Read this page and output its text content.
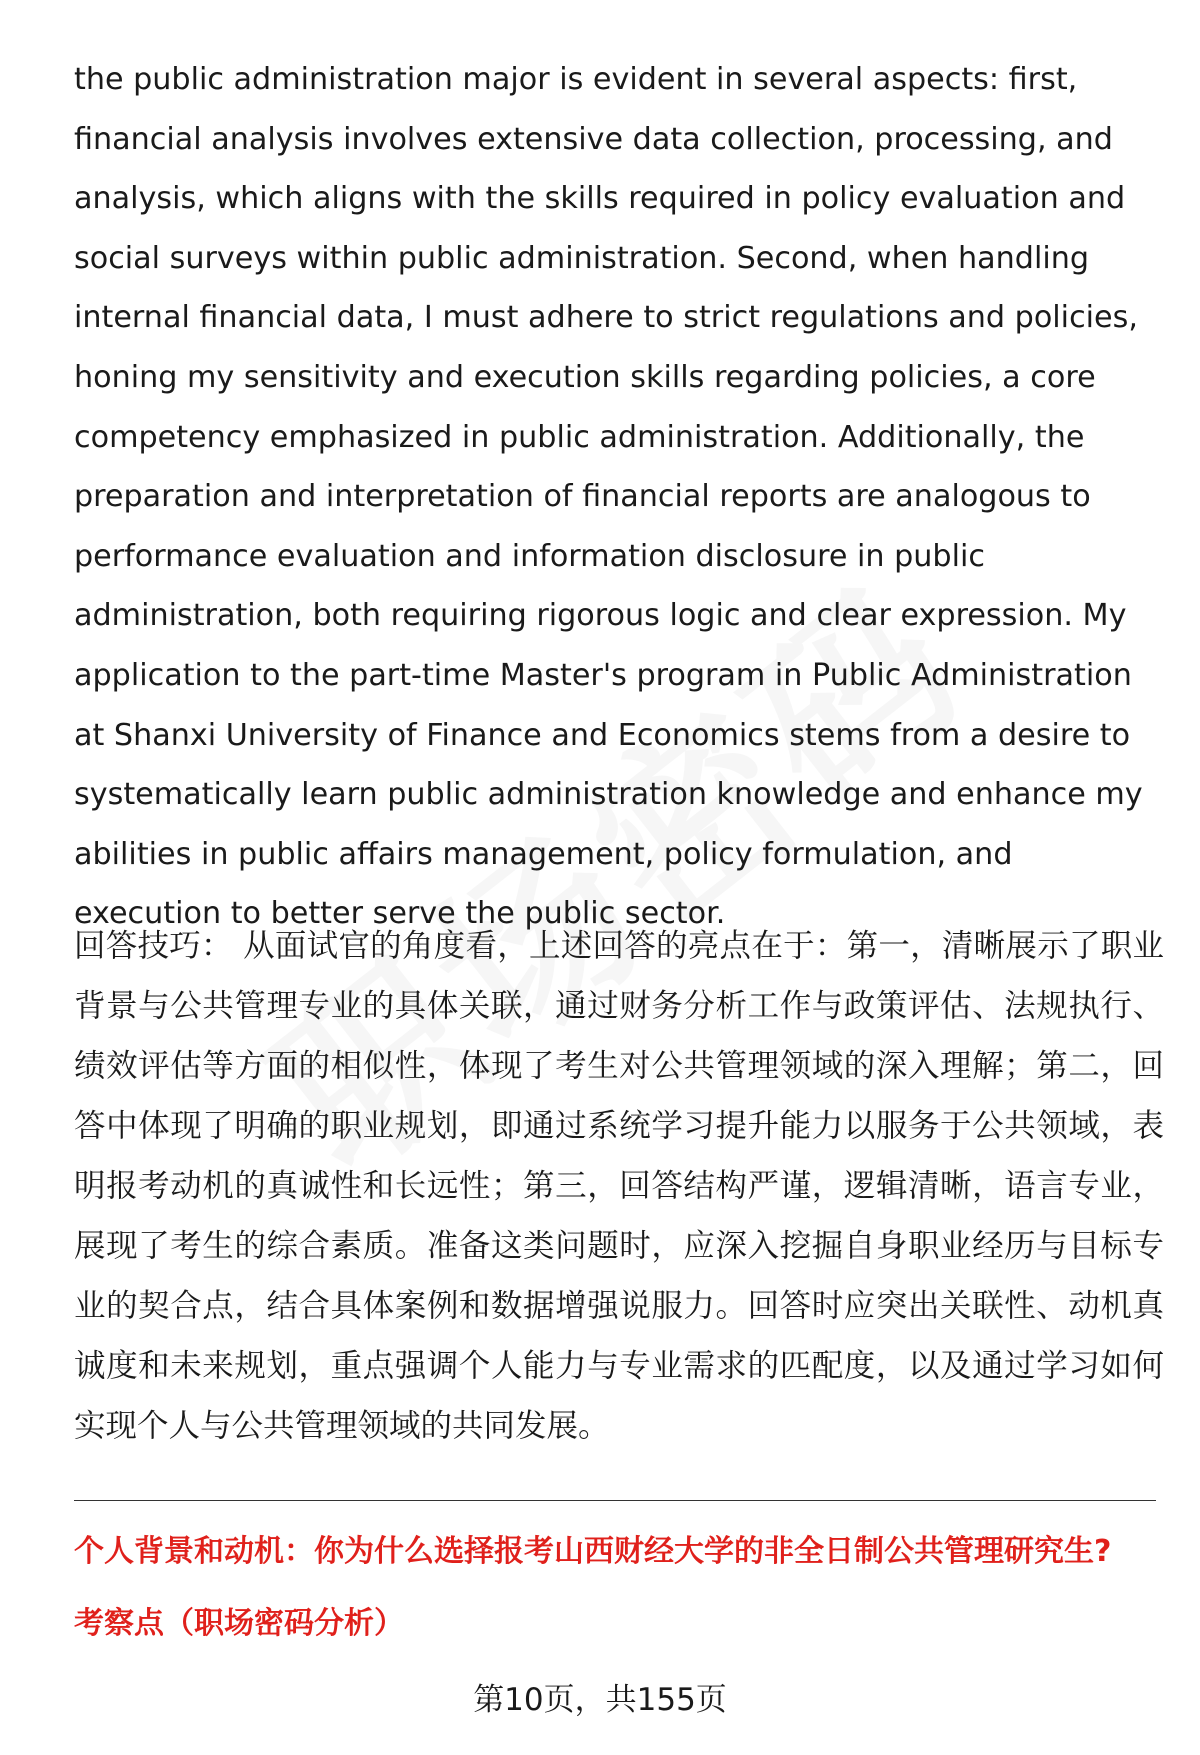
the public administration major is evident in several aspects: first, financial analysis involves extensive data collection, processing, and analysis, which aligns with the skills required in policy evaluation and social surveys within public administration. Second, when handling internal financial data, I must adhere to strict regulations and policies, honing my sensitivity and execution skills regarding policies, a core competency emphasized in public administration. Additionally, the preparation and interpretation of financial reports are analogous to performance evaluation and information disclosure in public administration, both requiring rigorous logic and clear expression. My application to the part-time Master's program in Public Administration at Shanxi University of Finance and Economics stems from a desire to systematically learn public administration knowledge and enhance my abilities in public affairs management, policy formulation, and execution to better serve the public sector.

回答技巧： 从面试官的角度看，上述回答的亮点在于：第一，清晰展示了职业背景与公共管理专业的具体关联，通过财务分析工作与政策评估、法规执行、绩效评估等方面的相似性，体现了考生对公共管理领域的深入理解；第二，回答中体现了明确的职业规划，即通过系统学习提升能力以服务于公共领域，表明报考动机的真诚性和长远性；第三，回答结构严谨，逻辑清晰，语言专业，展现了考生的综合素质。准备这类问题时，应深入挖掘自身职业经历与目标专业的契合点，结合具体案例和数据增强说服力。回答时应突出关联性、动机真诚度和未来规划，重点强调个人能力与专业需求的匹配度，以及通过学习如何实现个人与公共管理领域的共同发展。

个人背景和动机：你为什么选择报考山西财经大学的非全日制公共管理研究生?

考察点（职场密码分析）

第10页，共155页
